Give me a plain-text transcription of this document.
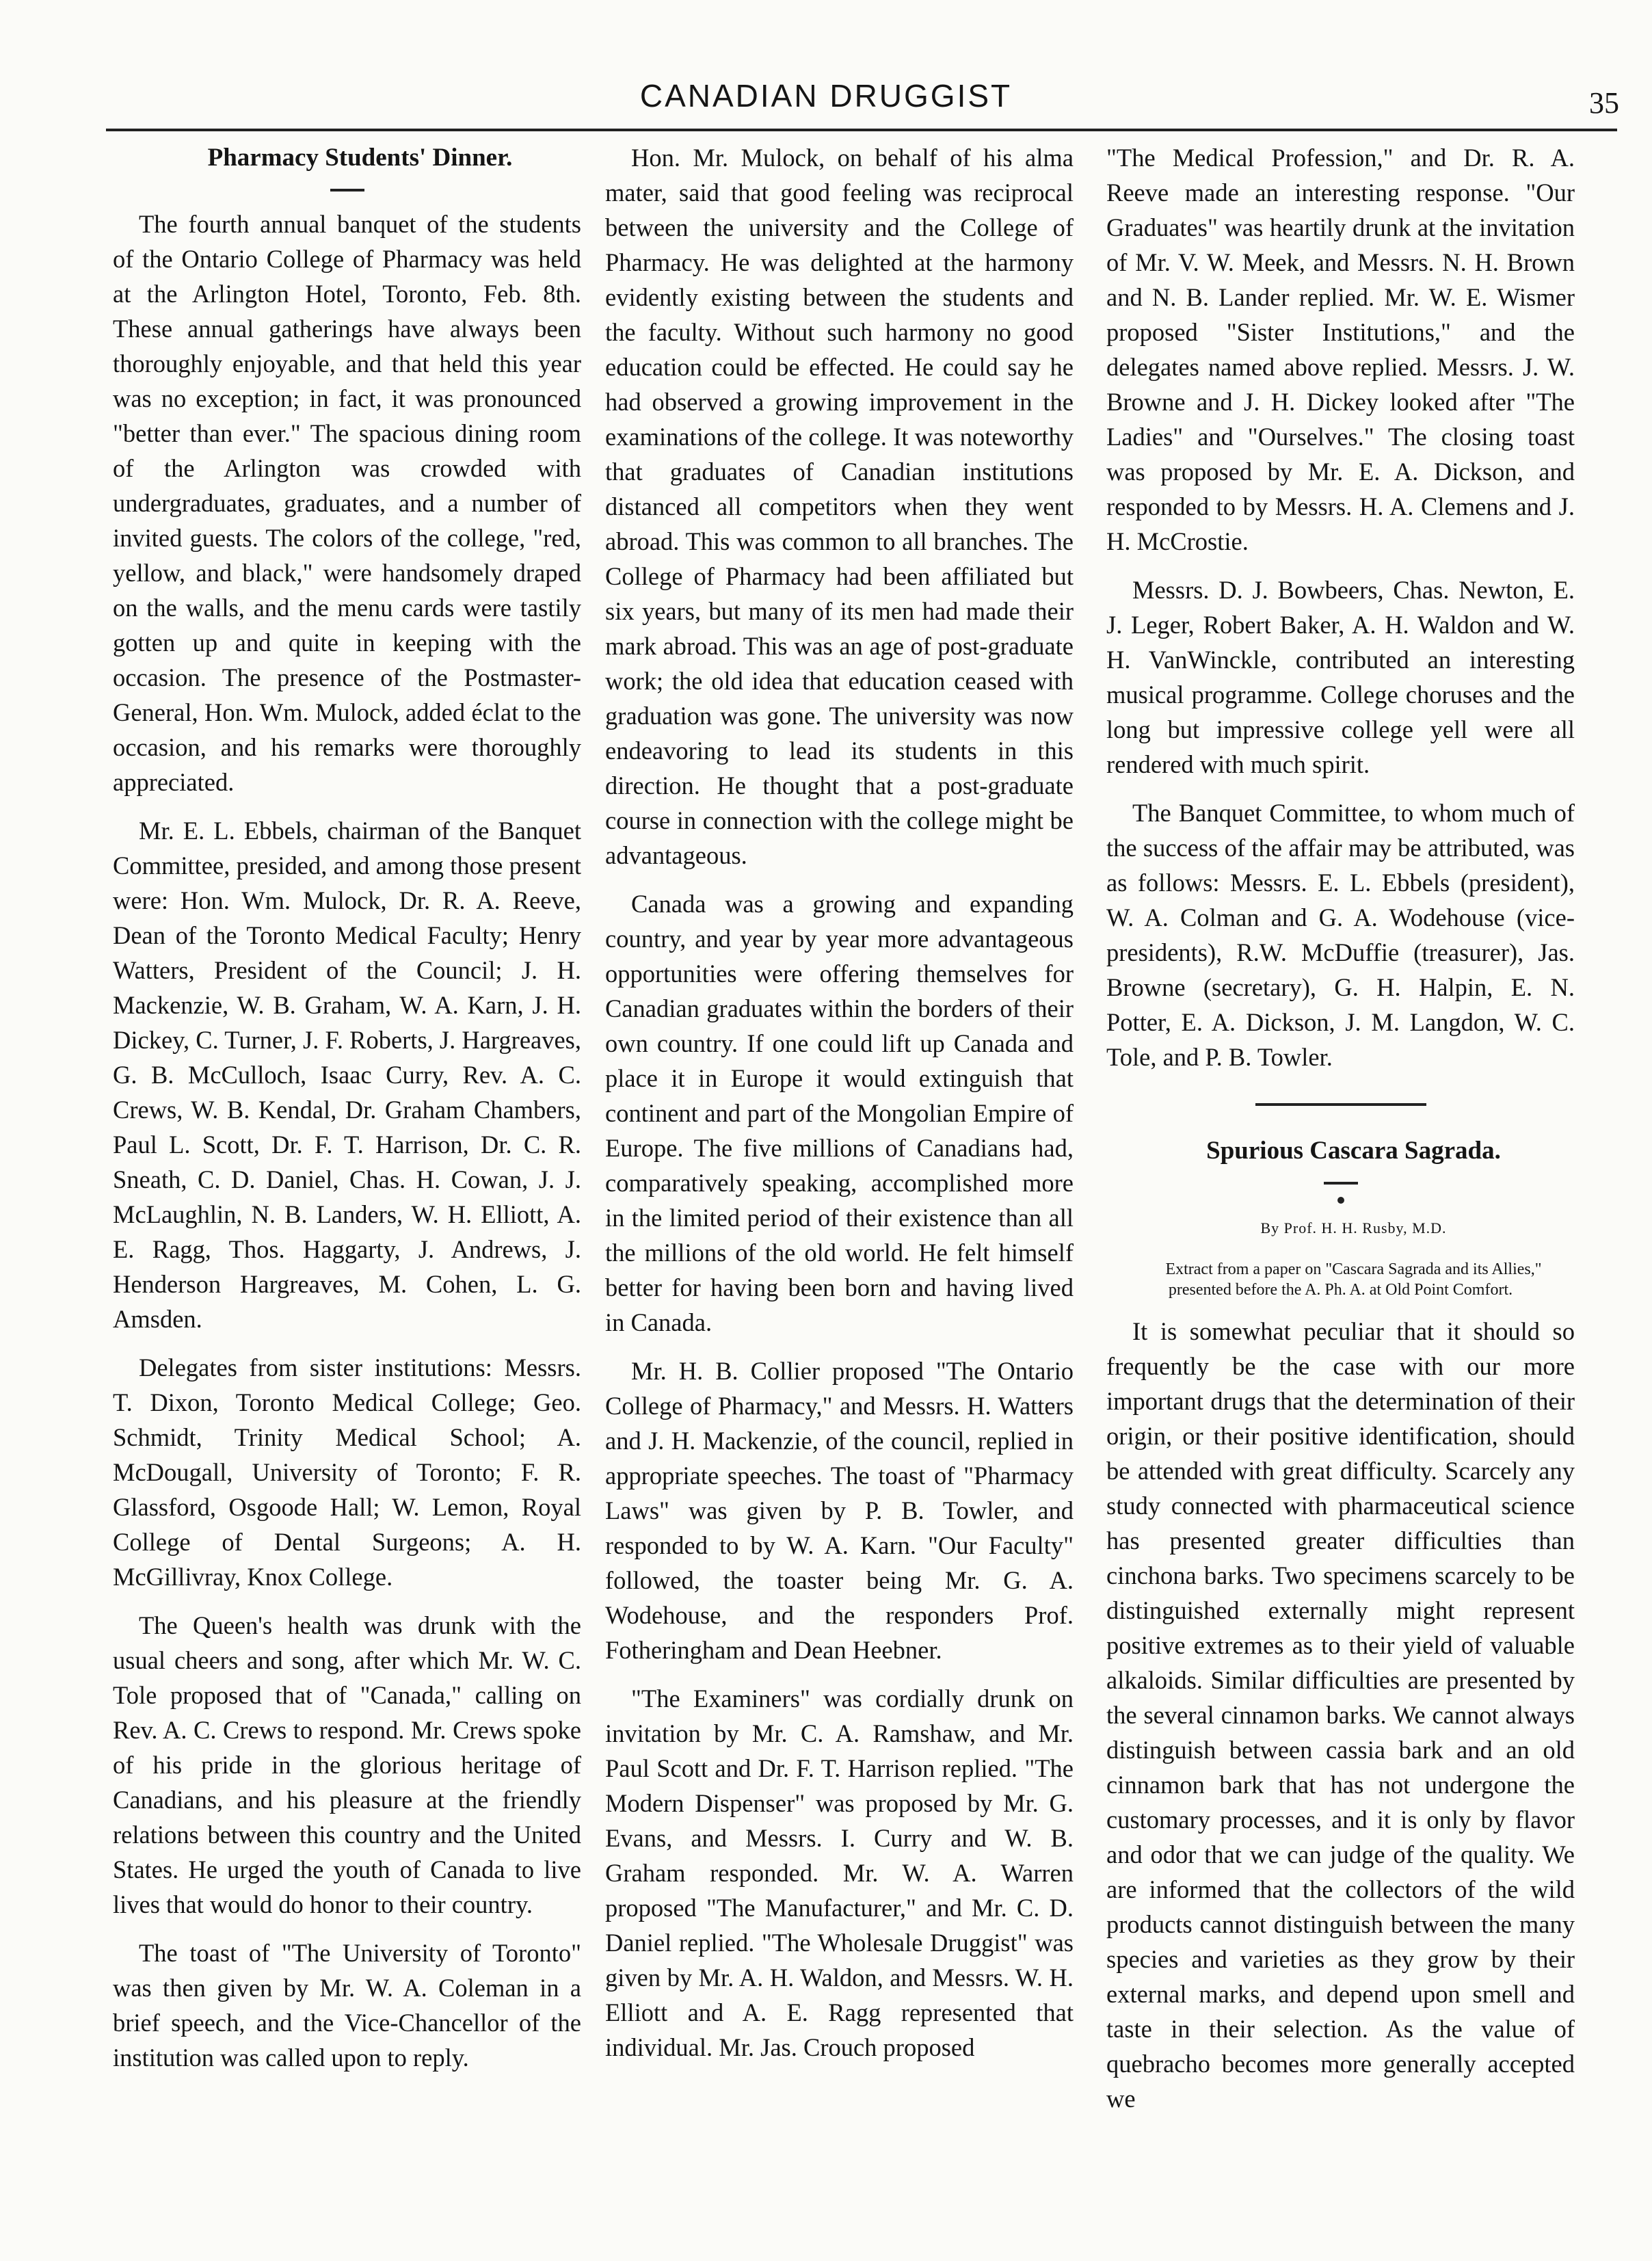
CANADIAN DRUGGIST	35

Pharmacy Students' Dinner.

The fourth annual banquet of the students of the Ontario College of Pharmacy was held at the Arlington Hotel, Toronto, Feb. 8th. These annual gatherings have always been thoroughly enjoyable, and that held this year was no exception; in fact, it was pronounced "better than ever." The spacious dining room of the Arlington was crowded with undergraduates, graduates, and a number of invited guests. The colors of the college, "red, yellow, and black," were handsomely draped on the walls, and the menu cards were tastily gotten up and quite in keeping with the occasion. The presence of the Postmaster-General, Hon. Wm. Mulock, added éclat to the occasion, and his remarks were thoroughly appreciated.

Mr. E. L. Ebbels, chairman of the Banquet Committee, presided, and among those present were: Hon. Wm. Mulock, Dr. R. A. Reeve, Dean of the Toronto Medical Faculty; Henry Watters, President of the Council; J. H. Mackenzie, W. B. Graham, W. A. Karn, J. H. Dickey, C. Turner, J. F. Roberts, J. Hargreaves, G. B. McCulloch, Isaac Curry, Rev. A. C. Crews, W. B. Kendal, Dr. Graham Chambers, Paul L. Scott, Dr. F. T. Harrison, Dr. C. R. Sneath, C. D. Daniel, Chas. H. Cowan, J. J. McLaughlin, N. B. Landers, W. H. Elliott, A. E. Ragg, Thos. Haggarty, J. Andrews, J. Henderson Hargreaves, M. Cohen, L. G. Amsden.

Delegates from sister institutions: Messrs. T. Dixon, Toronto Medical College; Geo. Schmidt, Trinity Medical School; A. McDougall, University of Toronto; F. R. Glassford, Osgoode Hall; W. Lemon, Royal College of Dental Surgeons; A. H. McGillivray, Knox College.

The Queen's health was drunk with the usual cheers and song, after which Mr. W. C. Tole proposed that of "Canada," calling on Rev. A. C. Crews to respond. Mr. Crews spoke of his pride in the glorious heritage of Canadians, and his pleasure at the friendly relations between this country and the United States. He urged the youth of Canada to live lives that would do honor to their country.

The toast of "The University of Toronto" was then given by Mr. W. A. Coleman in a brief speech, and the Vice-Chancellor of the institution was called upon to reply.

Hon. Mr. Mulock, on behalf of his alma mater, said that good feeling was reciprocal between the university and the College of Pharmacy. He was delighted at the harmony evidently existing between the students and the faculty. Without such harmony no good education could be effected. He could say he had observed a growing improvement in the examinations of the college. It was noteworthy that graduates of Canadian institutions distanced all competitors when they went abroad. This was common to all branches. The College of Pharmacy had been affiliated but six years, but many of its men had made their mark abroad. This was an age of post-graduate work; the old idea that education ceased with graduation was gone. The university was now endeavoring to lead its students in this direction. He thought that a post-graduate course in connection with the college might be advantageous.

Canada was a growing and expanding country, and year by year more advantageous opportunities were offering themselves for Canadian graduates within the borders of their own country. If one could lift up Canada and place it in Europe it would extinguish that continent and part of the Mongolian Empire of Europe. The five millions of Canadians had, comparatively speaking, accomplished more in the limited period of their existence than all the millions of the old world. He felt himself better for having been born and having lived in Canada.

Mr. H. B. Collier proposed "The Ontario College of Pharmacy," and Messrs. H. Watters and J. H. Mackenzie, of the council, replied in appropriate speeches. The toast of "Pharmacy Laws" was given by P. B. Towler, and responded to by W. A. Karn. "Our Faculty" followed, the toaster being Mr. G. A. Wodehouse, and the responders Prof. Fotheringham and Dean Heebner.

"The Examiners" was cordially drunk on invitation by Mr. C. A. Ramshaw, and Mr. Paul Scott and Dr. F. T. Harrison replied. "The Modern Dispenser" was proposed by Mr. G. Evans, and Messrs. I. Curry and W. B. Graham responded. Mr. W. A. Warren proposed "The Manufacturer," and Mr. C. D. Daniel replied. "The Wholesale Druggist" was given by Mr. A. H. Waldon, and Messrs. W. H. Elliott and A. E. Ragg represented that individual. Mr. Jas. Crouch proposed

"The Medical Profession," and Dr. R. A. Reeve made an interesting response. "Our Graduates" was heartily drunk at the invitation of Mr. V. W. Meek, and Messrs. N. H. Brown and N. B. Lander replied. Mr. W. E. Wismer proposed "Sister Institutions," and the delegates named above replied. Messrs. J. W. Browne and J. H. Dickey looked after "The Ladies" and "Ourselves." The closing toast was proposed by Mr. E. A. Dickson, and responded to by Messrs. H. A. Clemens and J. H. McCrostie.

Messrs. D. J. Bowbeers, Chas. Newton, E. J. Leger, Robert Baker, A. H. Waldon and W. H. VanWinckle, contributed an interesting musical programme. College choruses and the long but impressive college yell were all rendered with much spirit.

The Banquet Committee, to whom much of the success of the affair may be attributed, was as follows: Messrs. E. L. Ebbels (president), W. A. Colman and G. A. Wodehouse (vice-presidents), R.W. McDuffie (treasurer), Jas. Browne (secretary), G. H. Halpin, E. N. Potter, E. A. Dickson, J. M. Langdon, W. C. Tole, and P. B. Towler.

Spurious Cascara Sagrada.

By Prof. H. H. Rusby, M.D.

Extract from a paper on "Cascara Sagrada and its Allies," presented before the A. Ph. A. at Old Point Comfort.

It is somewhat peculiar that it should so frequently be the case with our more important drugs that the determination of their origin, or their positive identification, should be attended with great difficulty. Scarcely any study connected with pharmaceutical science has presented greater difficulties than cinchona barks. Two specimens scarcely to be distinguished externally might represent positive extremes as to their yield of valuable alkaloids. Similar difficulties are presented by the several cinnamon barks. We cannot always distinguish between cassia bark and an old cinnamon bark that has not undergone the customary processes, and it is only by flavor and odor that we can judge of the quality. We are informed that the collectors of the wild products cannot distinguish between the many species and varieties as they grow by their external marks, and depend upon smell and taste in their selection. As the value of quebracho becomes more generally accepted we
